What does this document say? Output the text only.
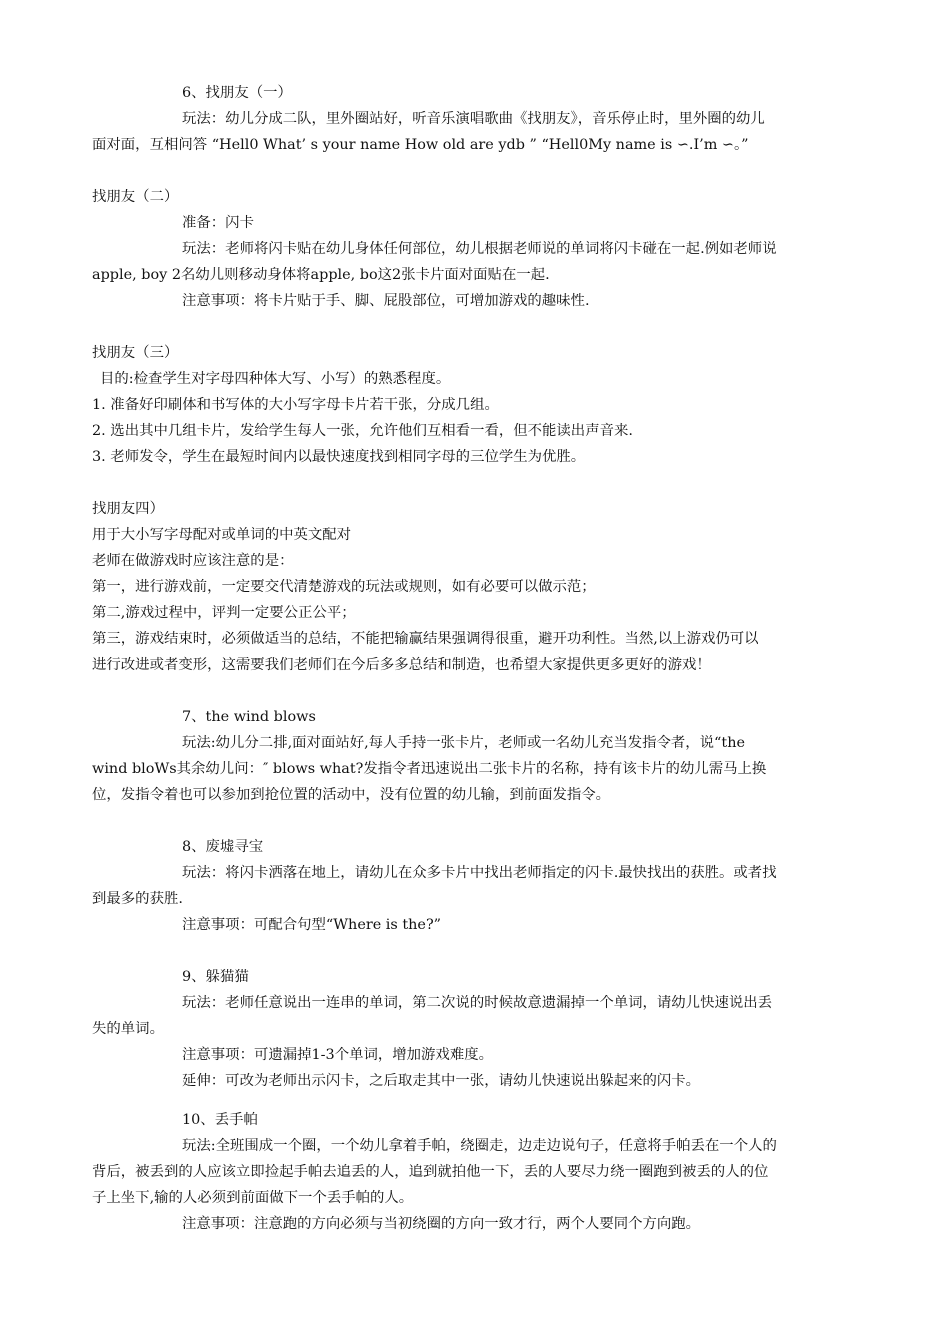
6、找朋友（一）
玩法：幼儿分成二队，里外圈站好，听音乐演唱歌曲《找朋友》，音乐停止时，里外圈的幼儿
面对面，互相问答 “Hell0 What’ s your name How old are ydb ” “Hell0My name is ∽.I’m ∽。”
找朋友（二）
准备：闪卡
玩法：老师将闪卡贴在幼儿身体任何部位，幼儿根据老师说的单词将闪卡碰在一起.例如老师说
apple, boy 2名幼儿则移动身体将apple, bo这2张卡片面对面贴在一起.
注意事项：将卡片贴于手、脚、屁股部位，可增加游戏的趣味性.
找朋友（三）
目的:检查学生对字母四种体大写、小写）的熟悉程度。
1. 准备好印刷体和书写体的大小写字母卡片若干张，分成几组。
2. 选出其中几组卡片，发给学生每人一张，允许他们互相看一看，但不能读出声音来.
3. 老师发令，学生在最短时间内以最快速度找到相同字母的三位学生为优胜。
找朋友四）
用于大小写字母配对或单词的中英文配对
老师在做游戏时应该注意的是：
第一，进行游戏前，一定要交代清楚游戏的玩法或规则，如有必要可以做示范；
第二,游戏过程中，评判一定要公正公平；
第三，游戏结束时，必须做适当的总结，不能把输赢结果强调得很重，避开功利性。当然,以上游戏仍可以
进行改进或者变形，这需要我们老师们在今后多多总结和制造，也希望大家提供更多更好的游戏！
7、the wind blows
玩法:幼儿分二排,面对面站好,每人手持一张卡片，老师或一名幼儿充当发指令者，说“the
wind bloWs其余幼儿问：″ blows what?发指令者迅速说出二张卡片的名称，持有该卡片的幼儿需马上换
位，发指令着也可以参加到抢位置的活动中，没有位置的幼儿输，到前面发指令。
8、废墟寻宝
玩法：将闪卡洒落在地上，请幼儿在众多卡片中找出老师指定的闪卡.最快找出的获胜。或者找
到最多的获胜.
注意事项：可配合句型“Where is the?”
9、躲猫猫
玩法：老师任意说出一连串的单词，第二次说的时候故意遗漏掉一个单词，请幼儿快速说出丢
失的单词。
注意事项：可遗漏掉1-3个单词，增加游戏难度。
延伸：可改为老师出示闪卡，之后取走其中一张，请幼儿快速说出躲起来的闪卡。
10、丢手帕
玩法:全班围成一个圈，一个幼儿拿着手帕，绕圈走，边走边说句子，任意将手帕丢在一个人的
背后，被丢到的人应该立即捡起手帕去追丢的人，追到就拍他一下，丢的人要尽力绕一圈跑到被丢的人的位
子上坐下,输的人必须到前面做下一个丢手帕的人。
注意事项：注意跑的方向必须与当初绕圈的方向一致才行，两个人要同个方向跑。
